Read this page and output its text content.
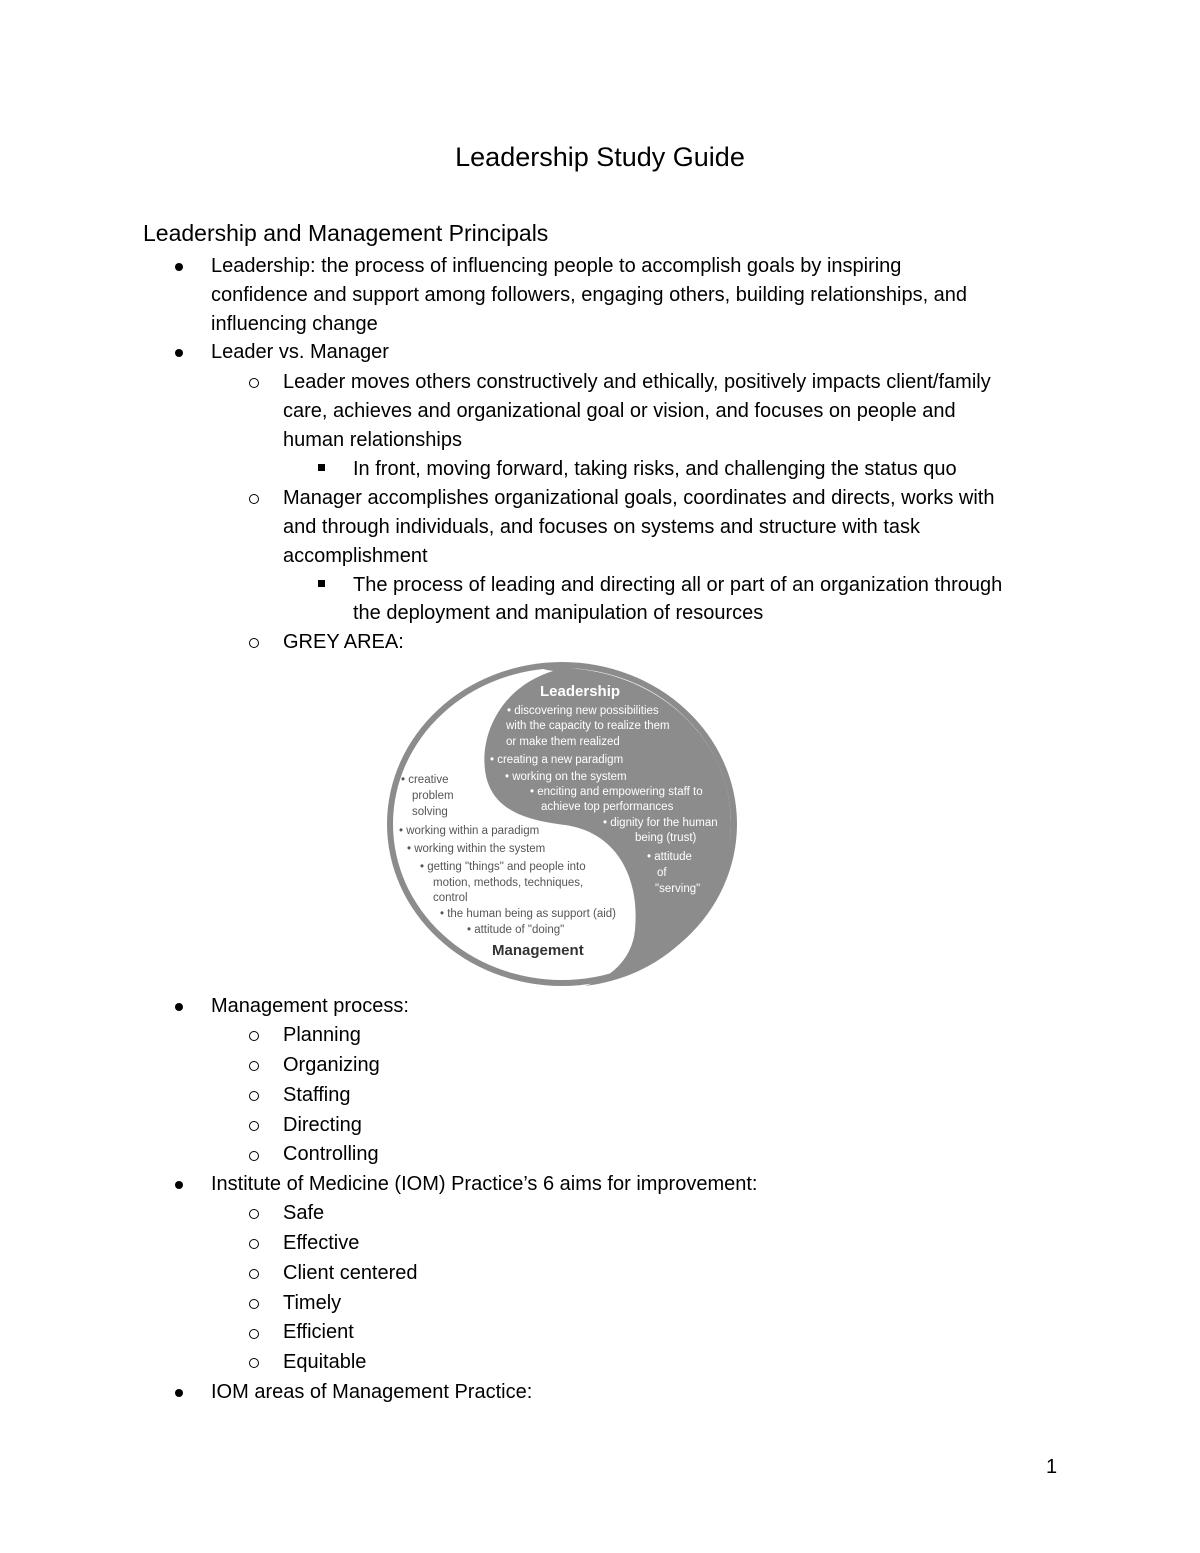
Leadership Study Guide
Leadership and Management Principals
Leadership: the process of influencing people to accomplish goals by inspiring
confidence and support among followers, engaging others, building relationships, and
influencing change
Leader vs. Manager
Leader moves others constructively and ethically, positively impacts client/family
care, achieves and organizational goal or vision, and focuses on people and
human relationships
In front, moving forward, taking risks, and challenging the status quo
Manager accomplishes organizational goals, coordinates and directs, works with
and through individuals, and focuses on systems and structure with task
accomplishment
The process of leading and directing all or part of an organization through
the deployment and manipulation of resources
GREY AREA:
Leadership
• discovering new possibilities
with the capacity to realize them
or make them realized
• creating a new paradigm
• working on the system
• enciting and empowering staff to
achieve top performances
• dignity for the human
being (trust)
• attitude
of
"serving"
• creative
problem
solving
• working within a paradigm
• working within the system
• getting "things" and people into
motion, methods, techniques,
control
• the human being as support (aid)
• attitude of "doing"
Management
Management process:
Planning
Organizing
Staffing
Directing
Controlling
Institute of Medicine (IOM) Practice’s 6 aims for improvement:
Safe
Effective
Client centered
Timely
Efficient
Equitable
IOM areas of Management Practice:
1
